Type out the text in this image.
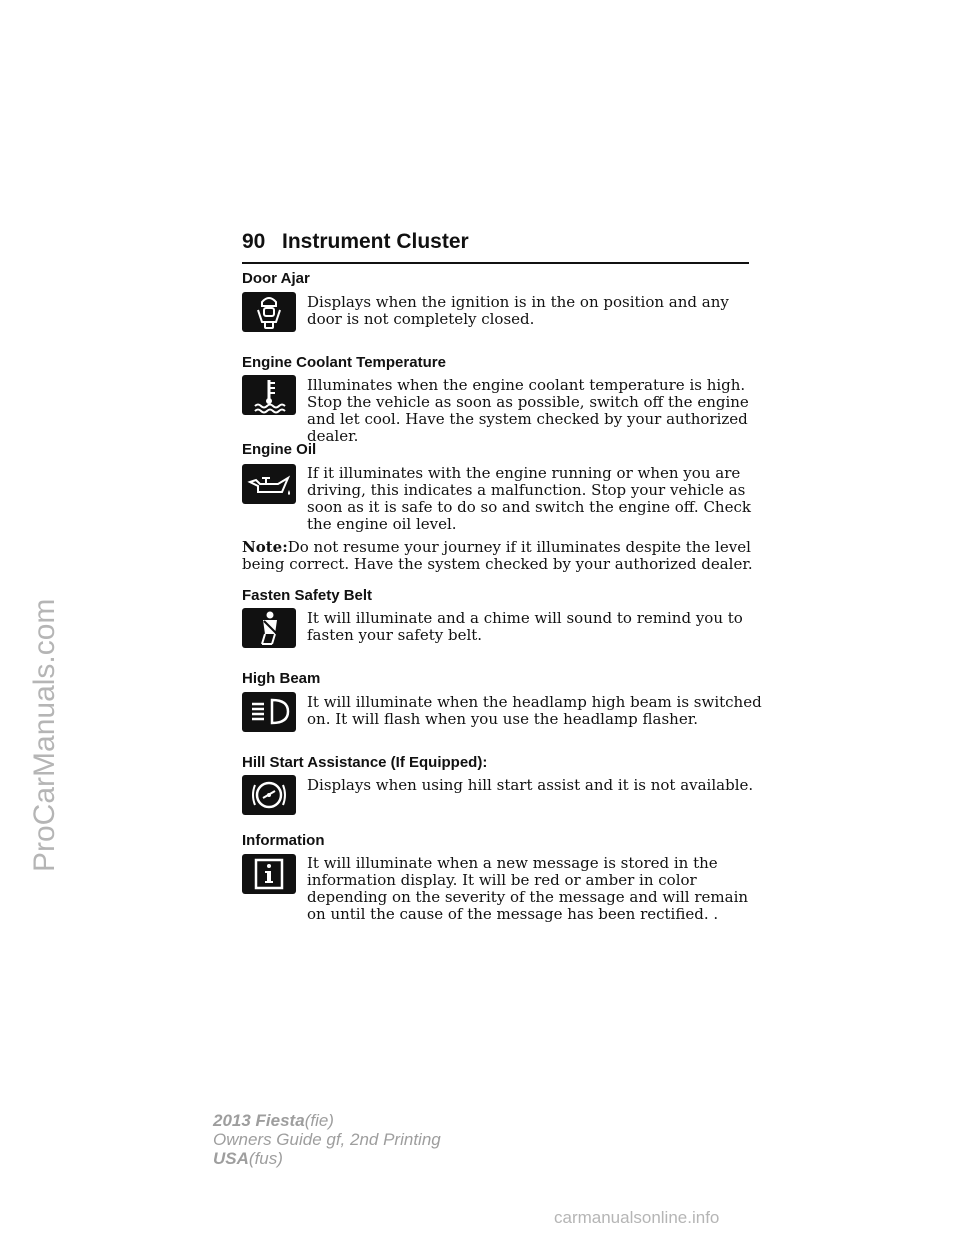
ProCarManuals.com
90 Instrument Cluster
Door Ajar
Displays when the ignition is in the on position and any door is not completely closed.
Engine Coolant Temperature
Illuminates when the engine coolant temperature is high. Stop the vehicle as soon as possible, switch off the engine and let cool. Have the system checked by your authorized dealer.
Engine Oil
If it illuminates with the engine running or when you are driving, this indicates a malfunction. Stop your vehicle as soon as it is safe to do so and switch the engine off. Check the engine oil level.
Note:Do not resume your journey if it illuminates despite the level being correct. Have the system checked by your authorized dealer.
Fasten Safety Belt
It will illuminate and a chime will sound to remind you to fasten your safety belt.
High Beam
It will illuminate when the headlamp high beam is switched on. It will flash when you use the headlamp flasher.
Hill Start Assistance (If Equipped):
Displays when using hill start assist and it is not available.
Information
It will illuminate when a new message is stored in the information display. It will be red or amber in color depending on the severity of the message and will remain on until the cause of the message has been rectified. .
2013 Fiesta(fie)
Owners Guide gf, 2nd Printing
USA(fus)
carmanualsonline.info
